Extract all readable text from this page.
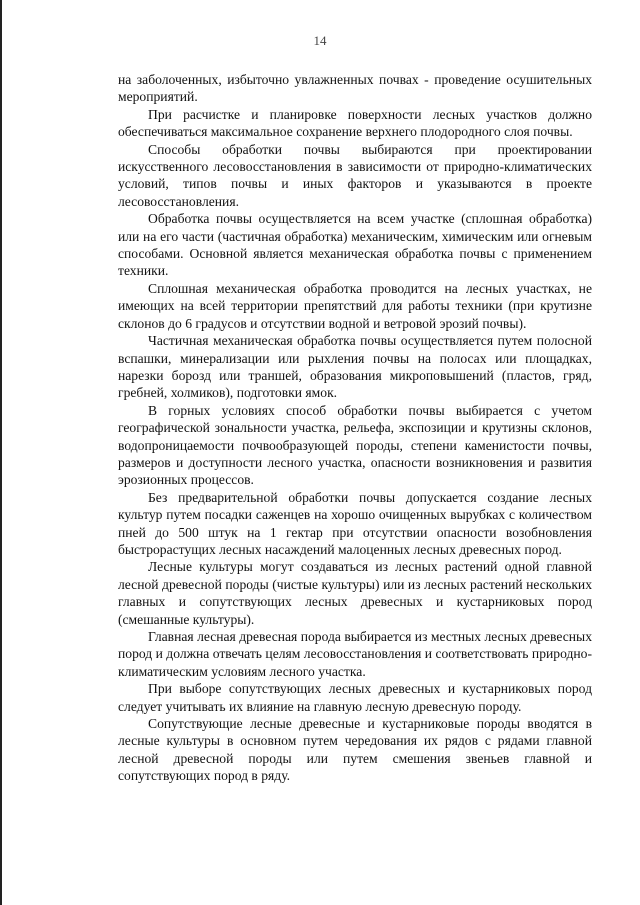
14

на заболоченных, избыточно увлажненных почвах - проведение осушительных мероприятий.

При расчистке и планировке поверхности лесных участков должно обеспечиваться максимальное сохранение верхнего плодородного слоя почвы.

Способы обработки почвы выбираются при проектировании искусственного лесовосстановления в зависимости от природно-климатических условий, типов почвы и иных факторов и указываются в проекте лесовосстановления.

Обработка почвы осуществляется на всем участке (сплошная обработка) или на его части (частичная обработка) механическим, химическим или огневым способами. Основной является механическая обработка почвы с применением техники.

Сплошная механическая обработка проводится на лесных участках, не имеющих на всей территории препятствий для работы техники (при крутизне склонов до 6 градусов и отсутствии водной и ветровой эрозий почвы).

Частичная механическая обработка почвы осуществляется путем полосной вспашки, минерализации или рыхления почвы на полосах или площадках, нарезки борозд или траншей, образования микроповышений (пластов, гряд, гребней, холмиков), подготовки ямок.

В горных условиях способ обработки почвы выбирается с учетом географической зональности участка, рельефа, экспозиции и крутизны склонов, водопроницаемости почвообразующей породы, степени каменистости почвы, размеров и доступности лесного участка, опасности возникновения и развития эрозионных процессов.

Без предварительной обработки почвы допускается создание лесных культур путем посадки саженцев на хорошо очищенных вырубках с количеством пней до 500 штук на 1 гектар при отсутствии опасности возобновления быстрорастущих лесных насаждений малоценных лесных древесных пород.

Лесные культуры могут создаваться из лесных растений одной главной лесной древесной породы (чистые культуры) или из лесных растений нескольких главных и сопутствующих лесных древесных и кустарниковых пород (смешанные культуры).

Главная лесная древесная порода выбирается из местных лесных древесных пород и должна отвечать целям лесовосстановления и соответствовать природно-климатическим условиям лесного участка.

При выборе сопутствующих лесных древесных и кустарниковых пород следует учитывать их влияние на главную лесную древесную породу.

Сопутствующие лесные древесные и кустарниковые породы вводятся в лесные культуры в основном путем чередования их рядов с рядами главной лесной древесной породы или путем смешения звеньев главной и сопутствующих пород в ряду.
